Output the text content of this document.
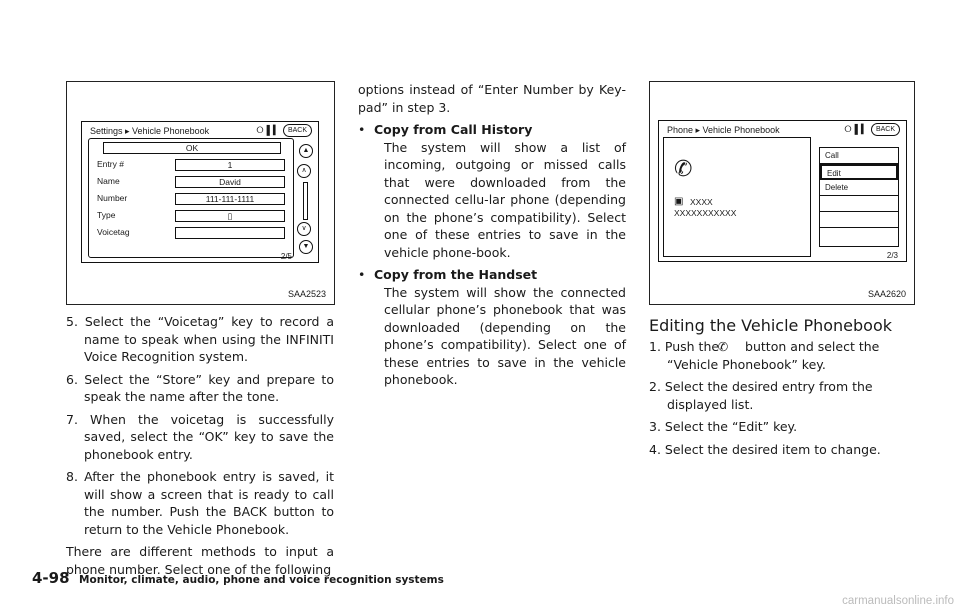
Settings ▸ Vehicle Phonebook	⭘ ▌▍	BACK
OK
Entry #	1
Name	David
Number	111-111-1111
Type	▯
Voicetag
▲
∧
∨
▼
2/5
SAA2523
5. Select the “Voicetag” key to record a name to speak when using the INFINITI Voice Recognition system.
6. Select the “Store” key and prepare to speak the name after the tone.
7. When the voicetag is successfully saved, select the “OK” key to save the phonebook entry.
8. After the phonebook entry is saved, it will show a screen that is ready to call the number. Push the BACK button to return to the Vehicle Phonebook.

There are different methods to input a phone number. Select one of the following

options instead of “Enter Number by Key-pad” in step 3.

• Copy from Call History

The system will show a list of incoming, outgoing or missed calls that were downloaded from the connected cellu-lar phone (depending on the phone’s compatibility). Select one of these entries to save in the vehicle phone-book.

• Copy from the Handset

The system will show the connected cellular phone’s phonebook that was downloaded (depending on the phone’s compatibility). Select one of these entries to save in the vehicle phonebook.

Phone ▸ Vehicle Phonebook	⭘ ▌▍	BACK
✆
▣ XXXX
XXXXXXXXXXX
Call
Edit
Delete
2/3
SAA2620
Editing the Vehicle Phonebook
1. Push the ✆ button and select the “Vehicle Phonebook” key.
2. Select the desired entry from the displayed list.
3. Select the “Edit” key.
4. Select the desired item to change.
4-98 Monitor, climate, audio, phone and voice recognition systems
carmanualsonline.info
